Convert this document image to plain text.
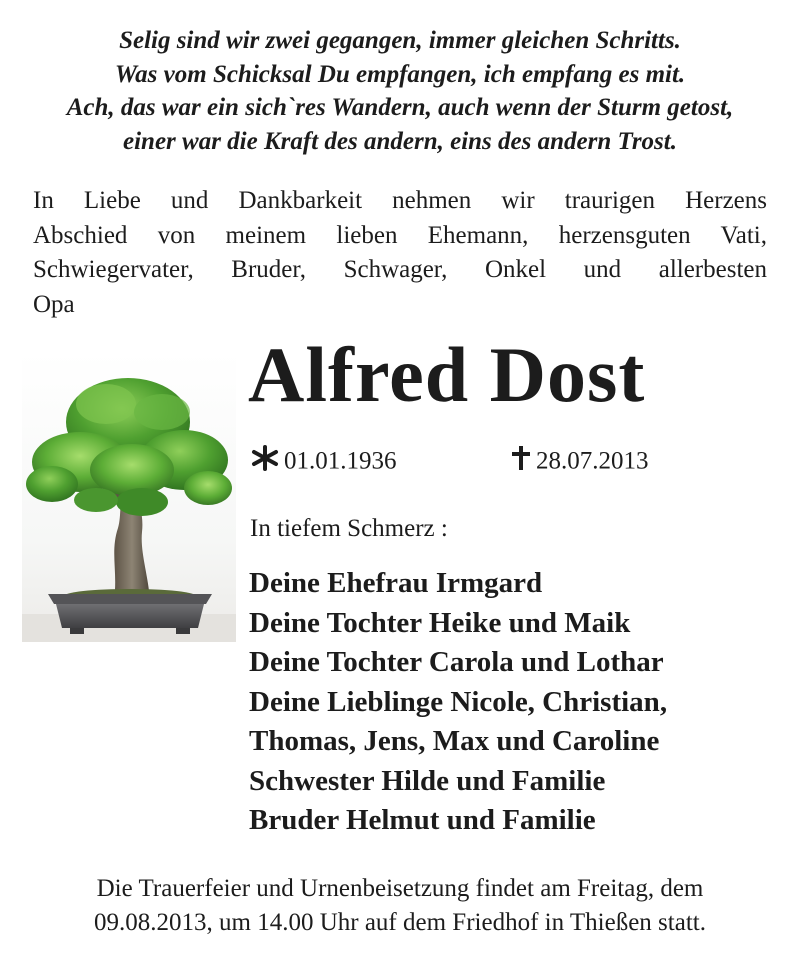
Selig sind wir zwei gegangen, immer gleichen Schritts.
Was vom Schicksal Du empfangen, ich empfang es mit.
Ach, das war ein sich`res Wandern, auch wenn der Sturm getost,
einer war die Kraft des andern, eins des andern Trost.
In Liebe und Dankbarkeit nehmen wir traurigen Herzens
Abschied von meinem lieben Ehemann, herzensguten Vati,
Schwiegervater, Bruder, Schwager, Onkel und allerbesten
Opa
Alfred Dost
01.01.1936	28.07.2013
In tiefem Schmerz :
Deine Ehefrau Irmgard
Deine Tochter Heike und Maik
Deine Tochter Carola und Lothar
Deine Lieblinge Nicole, Christian,
Thomas, Jens, Max und Caroline
Schwester Hilde und Familie
Bruder Helmut und Familie
Die Trauerfeier und Urnenbeisetzung findet am Freitag, dem
09.08.2013, um 14.00 Uhr auf dem Friedhof in Thießen statt.
